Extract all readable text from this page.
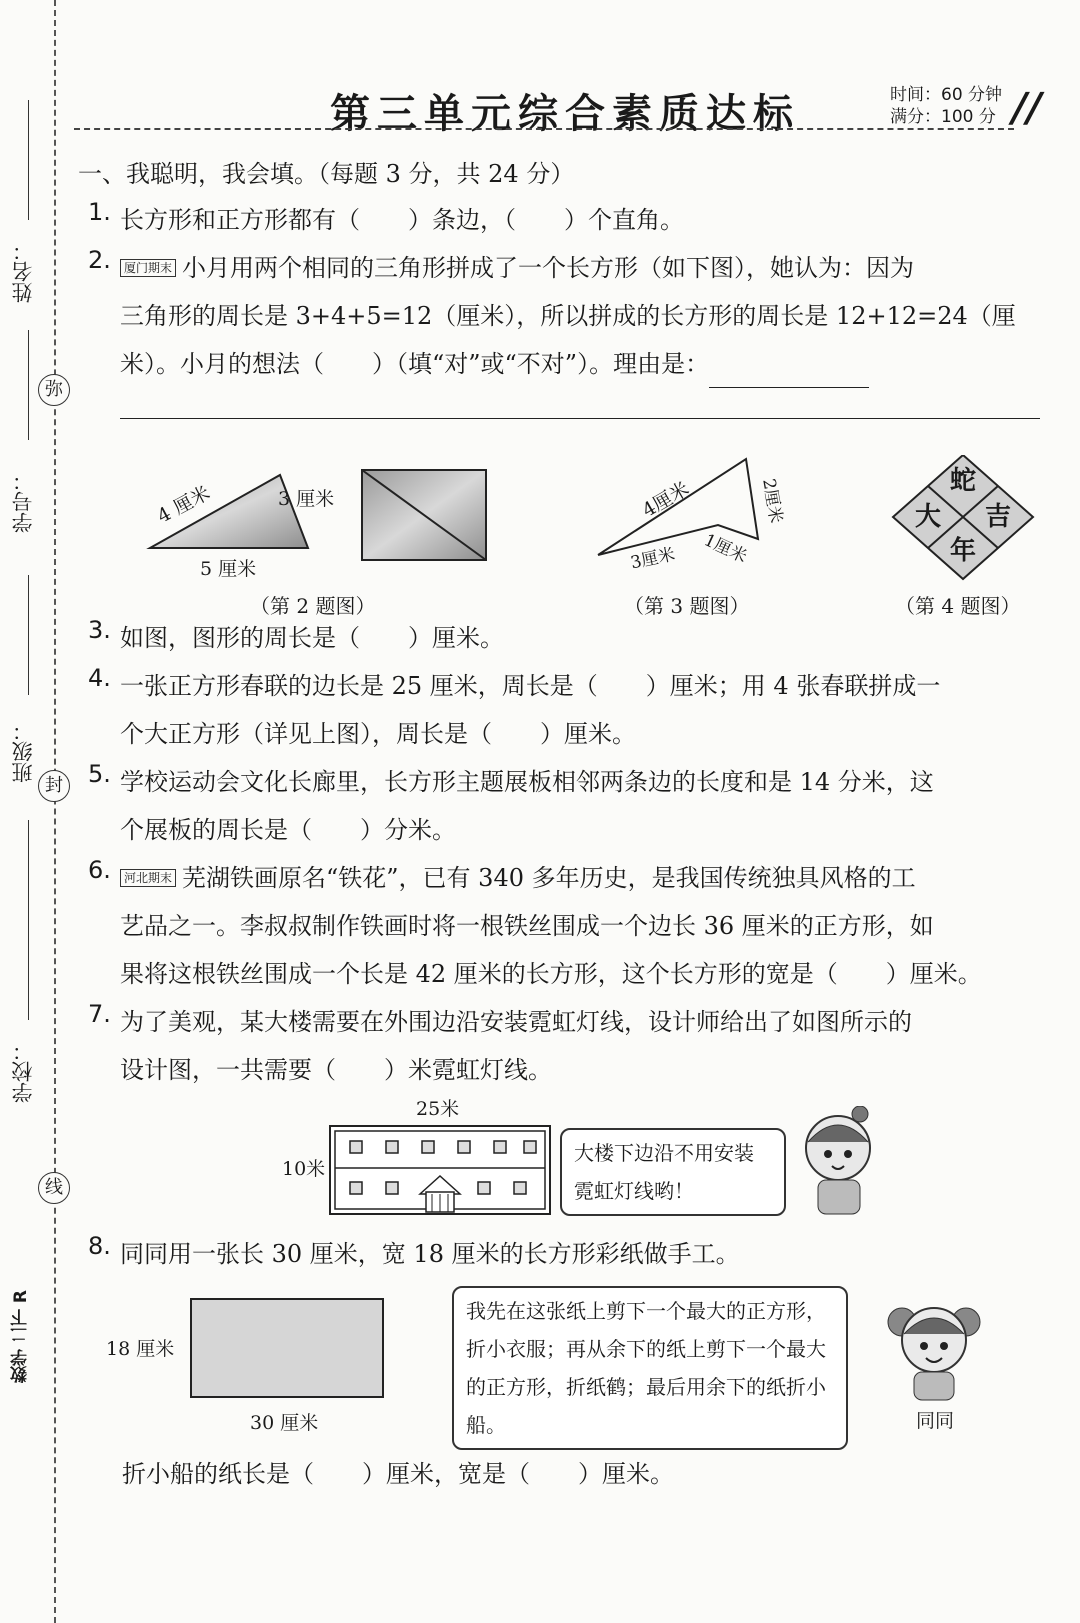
姓名：
学号：
班级：
学校：
弥
封
线
数学 二下 R
第三单元综合素质达标	时间：60 分钟
满分：100 分 //
一、我聪明，我会填。（每题 3 分，共 24 分）
1. 长方形和正方形都有（　　）条边，（　　）个直角。
2.	厦门期末 小月用两个相同的三角形拼成了一个长方形（如下图），她认为：因为
三角形的周长是 3+4+5=12（厘米），所以拼成的长方形的周长是 12+12=24（厘
米）。小月的想法（　　）（填“对”或“不对”）。理由是：
4 厘米	3 厘米
5 厘米
4厘米	2厘米
3厘米 1厘米
蛇
大 吉
年
（第 2 题图）	（第 3 题图）	（第 4 题图）
3. 如图，图形的周长是（　　）厘米。
4. 一张正方形春联的边长是 25 厘米，周长是（　　）厘米；用 4 张春联拼成一
个大正方形（详见上图），周长是（　　）厘米。
5. 学校运动会文化长廊里，长方形主题展板相邻两条边的长度和是 14 分米，这
个展板的周长是（　　）分米。
6.	河北期末 芜湖铁画原名“铁花”，已有 340 多年历史，是我国传统独具风格的工
艺品之一。李叔叔制作铁画时将一根铁丝围成一个边长 36 厘米的正方形，如
果将这根铁丝围成一个长是 42 厘米的长方形，这个长方形的宽是（　　）厘米。
7. 为了美观，某大楼需要在外围边沿安装霓虹灯线，设计师给出了如图所示的
设计图，一共需要（　　）米霓虹灯线。
25米
10米
大楼下边沿不用安装霓虹灯线哟！
8. 同同用一张长 30 厘米，宽 18 厘米的长方形彩纸做手工。
18 厘米
30 厘米
我先在这张纸上剪下一个最大的正方形，折小衣服；再从余下的纸上剪下一个最大的正方形，折纸鹤；最后用余下的纸折小船。	同同
折小船的纸长是（　　）厘米，宽是（　　）厘米。
